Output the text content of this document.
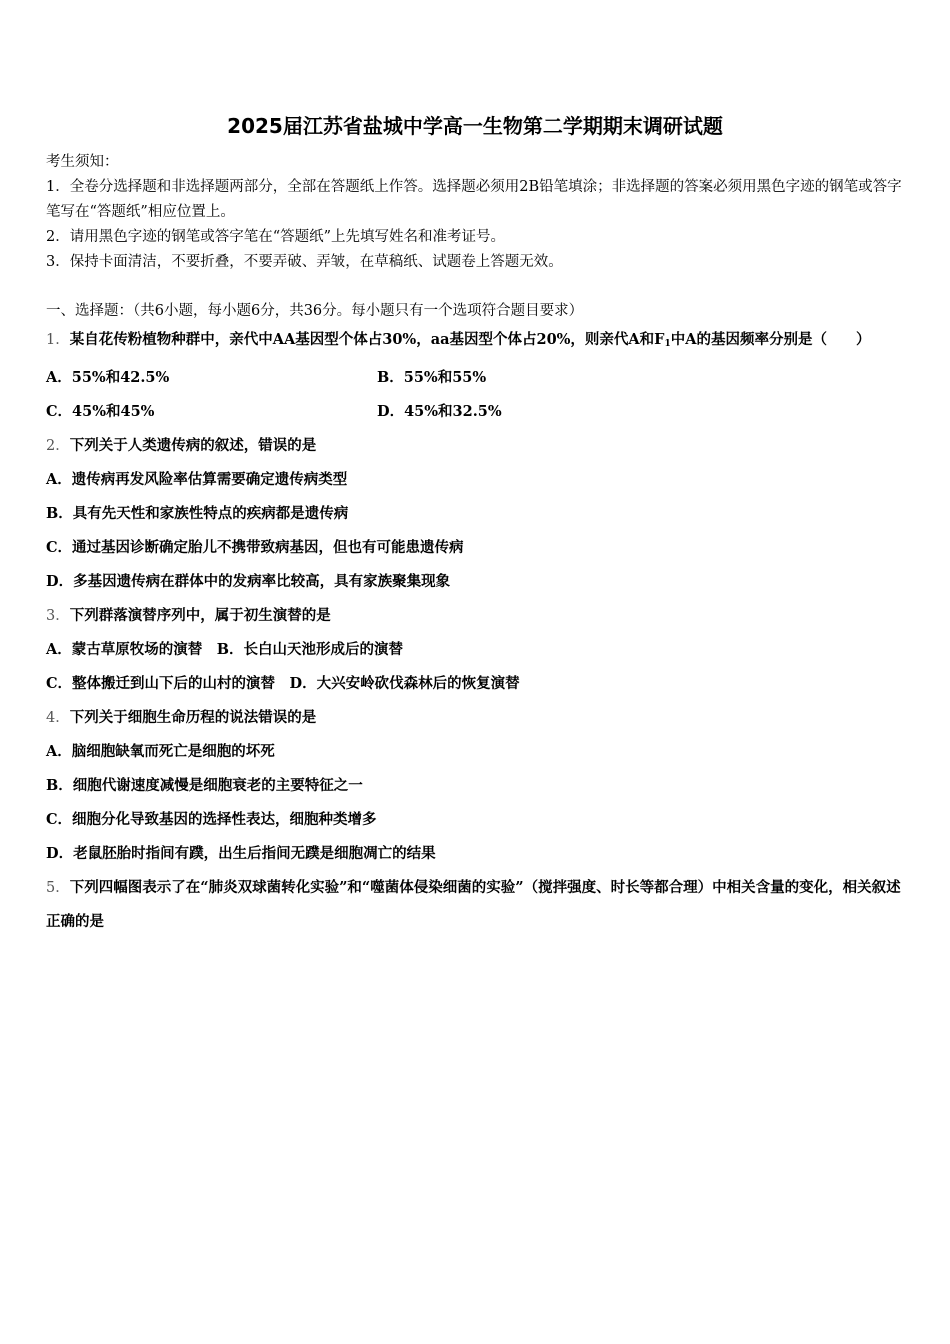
2025届江苏省盐城中学高一生物第二学期期末调研试题
考生须知：
1．全卷分选择题和非选择题两部分，全部在答题纸上作答。选择题必须用2B铅笔填涂；非选择题的答案必须用黑色字迹的钢笔或答字笔写在“答题纸”相应位置上。
2．请用黑色字迹的钢笔或答字笔在“答题纸”上先填写姓名和准考证号。
3．保持卡面清洁，不要折叠，不要弄破、弄皱，在草稿纸、试题卷上答题无效。
一、选择题：（共6小题，每小题6分，共36分。每小题只有一个选项符合题目要求）
1．某自花传粉植物种群中，亲代中AA基因型个体占30%，aa基因型个体占20%，则亲代A和$F_1$中A的基因频率分别是（　　）
A．55%和42.5%	B．55%和55%
C．45%和45%	D．45%和32.5%
2．下列关于人类遗传病的叙述，错误的是
A．遗传病再发风险率估算需要确定遗传病类型
B．具有先天性和家族性特点的疾病都是遗传病
C．通过基因诊断确定胎儿不携带致病基因，但也有可能患遗传病
D．多基因遗传病在群体中的发病率比较高，具有家族聚集现象
3．下列群落演替序列中，属于初生演替的是
A．蒙古草原牧场的演替　B．长白山天池形成后的演替
C．整体搬迁到山下后的山村的演替　D．大兴安岭砍伐森林后的恢复演替
4．下列关于细胞生命历程的说法错误的是
A．脑细胞缺氧而死亡是细胞的坏死
B．细胞代谢速度减慢是细胞衰老的主要特征之一
C．细胞分化导致基因的选择性表达，细胞种类增多
D．老鼠胚胎时指间有蹼，出生后指间无蹼是细胞凋亡的结果
5．下列四幅图表示了在“肺炎双球菌转化实验”和“噬菌体侵染细菌的实验”（搅拌强度、时长等都合理）中相关含量的变化，相关叙述正确的是
